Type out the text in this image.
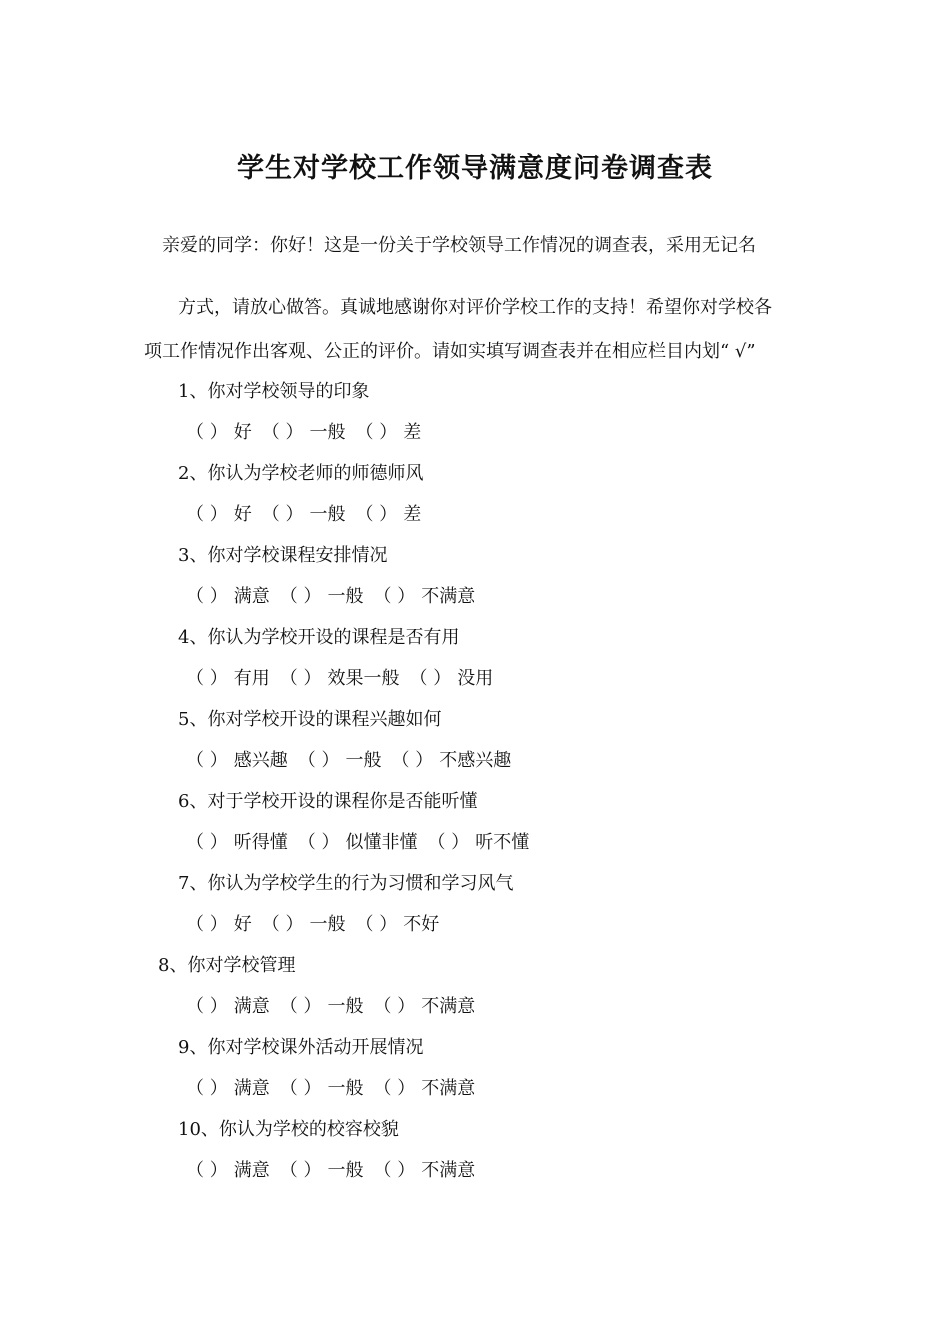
学生对学校工作领导满意度问卷调查表
亲爱的同学：你好！这是一份关于学校领导工作情况的调查表，采用无记名
方式，请放心做答。真诚地感谢你对评价学校工作的支持！希望你对学校各
项工作情况作出客观、公正的评价。请如实填写调查表并在相应栏目内划“ √”
1、你对学校领导的印象
（ ） 好 （ ） 一般 （ ） 差
2、你认为学校老师的师德师风
（ ） 好 （ ） 一般 （ ） 差
3、你对学校课程安排情况
（ ） 满意 （ ） 一般 （ ） 不满意
4、你认为学校开设的课程是否有用
（ ） 有用 （ ） 效果一般 （ ） 没用
5、你对学校开设的课程兴趣如何
（ ） 感兴趣 （ ） 一般 （ ） 不感兴趣
6、对于学校开设的课程你是否能听懂
（ ） 听得懂 （ ） 似懂非懂 （ ） 听不懂
7、你认为学校学生的行为习惯和学习风气
（ ） 好 （ ） 一般 （ ） 不好
8、你对学校管理
（ ） 满意 （ ） 一般 （ ） 不满意
9、你对学校课外活动开展情况
（ ） 满意 （ ） 一般 （ ） 不满意
10、你认为学校的校容校貌
（ ） 满意 （ ） 一般 （ ） 不满意
